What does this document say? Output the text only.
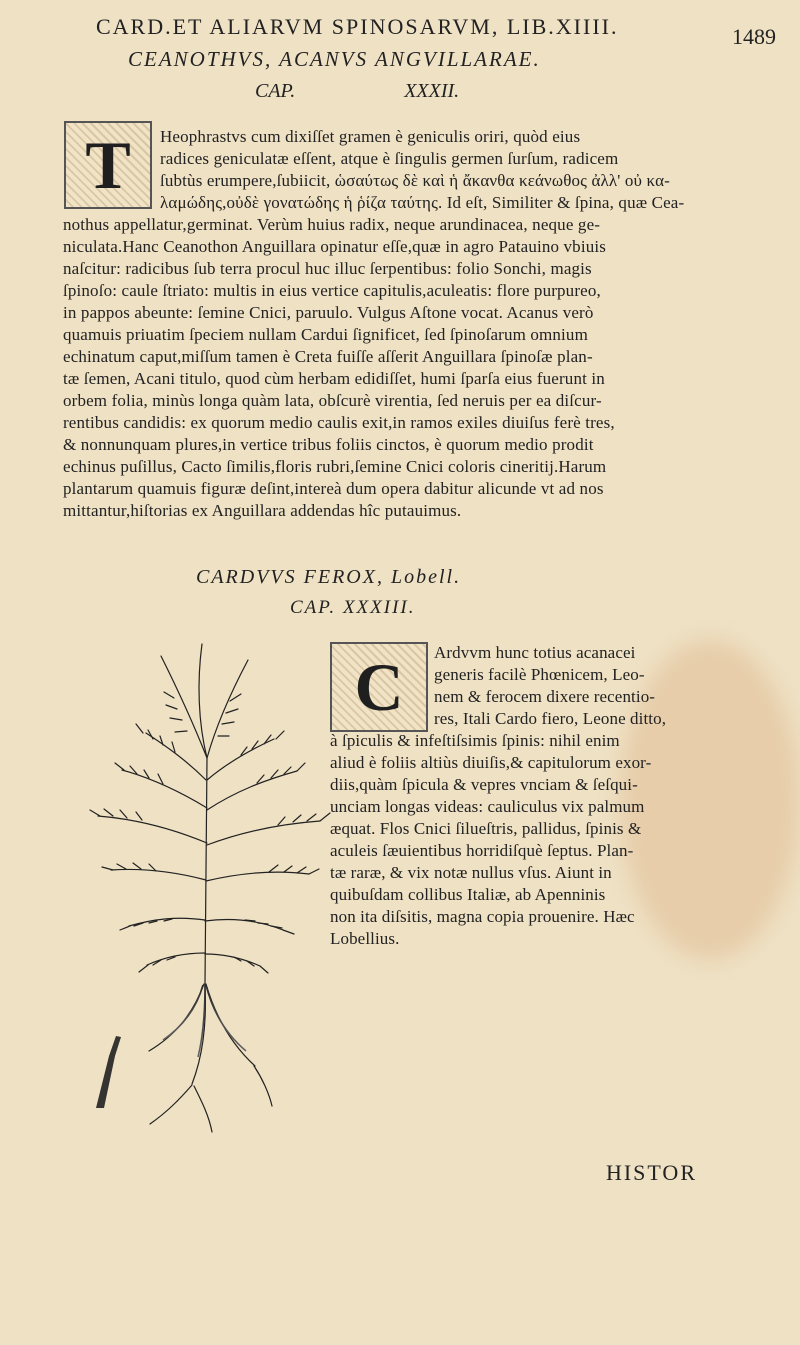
CARD.ET ALIARVM SPINOSARVM, LIB.XIIII.	1489
CEANOTHVS, ACANVS ANGVILLARAE.
CAP.	XXXII.
T	Heophrastvs cum dixiſſet gramen è geniculis oriri, quòd eius
radices geniculatæ eſſent, atque è ſingulis germen ſurſum, radicem
ſubtùs erumpere,ſubiicit, ὡσαύτως δὲ καὶ ἡ ἄκανθα κεάνωθος ἀλλ' οὐ κα-
λαμώδης,οὐδὲ γονατώδης ἡ ῥίζα ταύτης. Id eſt, Similiter & ſpina, quæ Cea-
nothus appellatur,germinat. Verùm huius radix, neque arundinacea, neque ge-
niculata.Hanc Ceanothon Anguillara opinatur eſſe,quæ in agro Patauino vbiuis
naſcitur: radicibus ſub terra procul huc illuc ſerpentibus: folio Sonchi, magis
ſpinoſo: caule ſtriato: multis in eius vertice capitulis,aculeatis: flore purpureo,
in pappos abeunte: ſemine Cnici, paruulo. Vulgus Aſtone vocat. Acanus verò
quamuis priuatim ſpeciem nullam Cardui ſignificet, ſed ſpinoſarum omnium
echinatum caput,miſſum tamen è Creta fuiſſe aſſerit Anguillara ſpinoſæ plan-
tæ ſemen, Acani titulo, quod cùm herbam edidiſſet, humi ſparſa eius fuerunt in
orbem folia, minùs longa quàm lata, obſcurè virentia, ſed neruis per ea diſcur-
rentibus candidis: ex quorum medio caulis exit,in ramos exiles diuiſus ferè tres,
& nonnunquam plures,in vertice tribus foliis cinctos, è quorum medio prodit
echinus puſillus, Cacto ſimilis,floris rubri,ſemine Cnici coloris cineritij.Harum
plantarum quamuis figuræ deſint,intereà dum opera dabitur alicunde vt ad nos
mittantur,hiſtorias ex Anguillara addendas hîc putauimus.
CARDVVS FEROX, Lobell.
CAP. XXXIII.
C	Ardvvm hunc totius acanacei
generis facilè Phœnicem, Leo-
nem & ferocem dixere recentio-
res, Itali Cardo fiero, Leone ditto,
à ſpiculis & infeſtiſsimis ſpinis: nihil enim
aliud è foliis altiùs diuiſis,& capitulorum exor-
diis,quàm ſpicula & vepres vnciam & ſeſqui-
unciam longas videas: cauliculus vix palmum
æquat. Flos Cnici ſilueſtris, pallidus, ſpinis &
aculeis ſæuientibus horridiſquè ſeptus. Plan-
tæ raræ, & vix notæ nullus vſus. Aiunt in
quibuſdam collibus Italiæ, ab Apenninis
non ita diſsitis, magna copia prouenire. Hæc
Lobellius.
HISTOR
